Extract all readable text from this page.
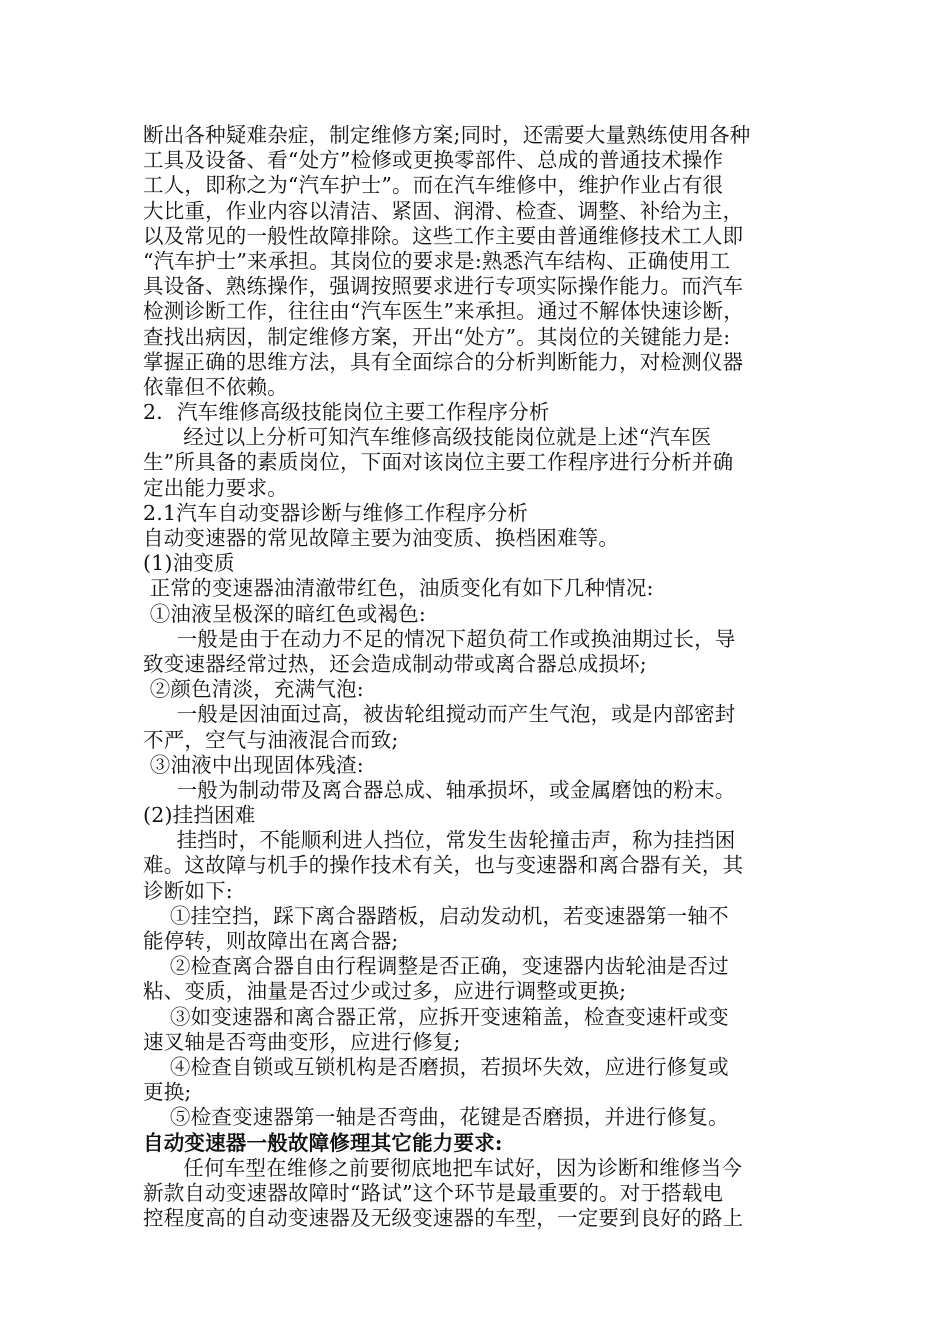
断出各种疑难杂症，制定维修方案;同时，还需要大量熟练使用各种
工具及设备、看“处方”检修或更换零部件、总成的普通技术操作
工人，即称之为“汽车护士”。而在汽车维修中，维护作业占有很
大比重，作业内容以清洁、紧固、润滑、检查、调整、补给为主，
以及常见的一般性故障排除。这些工作主要由普通维修技术工人即
“汽车护士”来承担。其岗位的要求是:熟悉汽车结构、正确使用工
具设备、熟练操作，强调按照要求进行专项实际操作能力。而汽车
检测诊断工作，往往由“汽车医生”来承担。通过不解体快速诊断，
查找出病因，制定维修方案，开出“处方”。其岗位的关键能力是:
掌握正确的思维方法，具有全面综合的分析判断能力，对检测仪器
依靠但不依赖。
2．汽车维修高级技能岗位主要工作程序分析
经过以上分析可知汽车维修高级技能岗位就是上述“汽车医
生”所具备的素质岗位，下面对该岗位主要工作程序进行分析并确
定出能力要求。
2.1汽车自动变器诊断与维修工作程序分析
自动变速器的常见故障主要为油变质、换档困难等。
(1)油变质
正常的变速器油清澈带红色，油质变化有如下几种情况:
①油液呈极深的暗红色或褐色:
一般是由于在动力不足的情况下超负荷工作或换油期过长，导
致变速器经常过热，还会造成制动带或离合器总成损坏;
②颜色清淡，充满气泡:
一般是因油面过高，被齿轮组搅动而产生气泡，或是内部密封
不严，空气与油液混合而致;
③油液中出现固体残渣:
一般为制动带及离合器总成、轴承损坏，或金属磨蚀的粉末。
(2)挂挡困难
挂挡时，不能顺利进人挡位，常发生齿轮撞击声，称为挂挡困
难。这故障与机手的操作技术有关，也与变速器和离合器有关，其
诊断如下:
①挂空挡，踩下离合器踏板，启动发动机，若变速器第一轴不
能停转，则故障出在离合器;
②检查离合器自由行程调整是否正确，变速器内齿轮油是否过
粘、变质，油量是否过少或过多，应进行调整或更换;
③如变速器和离合器正常，应拆开变速箱盖，检查变速杆或变
速叉轴是否弯曲变形，应进行修复;
④检查自锁或互锁机构是否磨损，若损坏失效，应进行修复或
更换;
⑤检查变速器第一轴是否弯曲，花键是否磨损，并进行修复。
自动变速器一般故障修理其它能力要求:
任何车型在维修之前要彻底地把车试好，因为诊断和维修当今
新款自动变速器故障时“路试”这个环节是最重要的。对于搭载电
控程度高的自动变速器及无级变速器的车型，一定要到良好的路上
